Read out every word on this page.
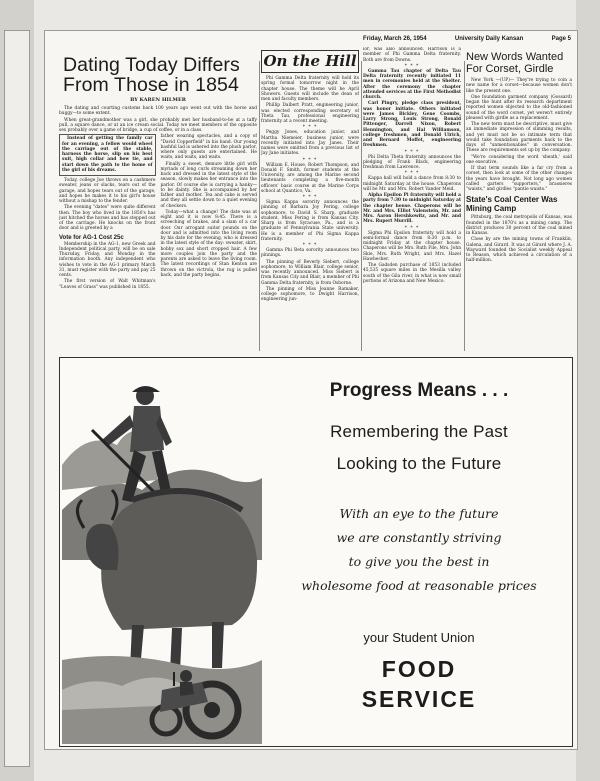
Friday, March 26, 1954	University Daily Kansan	Page 5
Dating Today Differs From Those in 1854
BY KAREN HILMER

The dating and courting customs back 100 years ago went out with the horse and buggy—to some extent.

When great-grandmother was a girl, she probably met her husband-to-be at a taffy pull, a square dance, or at an ice cream social. Today we meet members of the opposite sex probably over a game of bridge, a cup of coffee, or in a class.

Instead of getting the family car for an evening, a fellow would wheel the carriage out of the stable, harness the horse, slip on his best suit, high collar and bow tie, and start down the path to the home of the girl of his dreams.

Today, college Joe throws on a cashmere sweater, jeans or slacks, tears out of the garage, and hopes tears out of the garage, and hopes he makes it to his girl's house without a mishap to the fender.

The evening "dates" were quite different then. The boy who lived in the 1850's has just hitched the horses and has stepped out of the carriage. He knocks on the front door and is greeted by a

Vote for AG-1 Cost 25c

Membership in the AG-1, new Greek and Independent political party, will be on sale Thursday, Friday, and Monday in the information booth. Any independent who wishes to vote in the AG-1 primary March 31, must register with the party and pay 25 cents.

The first version of Walt Whitman's "Leaves of Grass" was published in 1855.

father wearing spectacles, and a copy of "David Copperfield" in his hand. Our young bashful lad is ushered into the plush parlor, where only guests are entertained. He waits, and waits, and waits.

Finally a sweet, demure little girl with myriads of long curls streaming down her back and dressed in the latest style of the season, slowly makes her entrance into the parlor. Of course she is carrying a hanky—to be dainty. She is accompanied by her father and mother. Tea and cake is served and they all settle down to a quiet evening of checkers.

Today—what a change! The date was at eight and it is now 8:45. There is a screeching of brakes, and a slam of a car door. Our arrogant suitor pounds on the door and is admitted into the living room by his date for the evening, who is dressed in the latest style of the day: sweater, skirt, bobby sox and short cropped hair. A few more couples join the party and the parents are asked to leave the living room. The latest recordings of Stan Kenton are thrown on the victrola, the rug is pulled back, and the party begins.

On the Hill

Phi Gamma Delta fraternity will hold its spring formal tomorrow night in the chapter house. The theme will be April Showers. Guests will include the dean of men and faculty members.

Phillip Dalbert Pratt, engineering junior, was elected corresponding secretary of Theta Tau, professional engineering fraternity at a recent meeting.

* * *

Peggy Jones, education junior, and Martha Niemeier, business junior, were recently initiated into Jay Janes. Their names were omitted from a previous list of Jay Jane initiates.

* * *

William E. House, Robert Thompson, and Donald F. Smith, former students at the University, are among the Marine second lieutenants completing a five-month officers' basic course at the Marine Corps school at Quantico, Va.

* * *

Sigma Kappa sorority announces the pinning of Barbara Joy Pering, college sophomore, to David S. Sharp, graduate student. Miss Pering is from Kansas City. Sharp is from Syracuse, Pa., and is a graduate of Pennsylvania State university. He is a member of Phi Sigma Kappa fraternity.

* * *

Gamma Phi Beta sorority announces two pinnings.

The pinning of Beverly Siebert, college sophomore, to William Blair, college senior, was recently announced. Miss Siebert is from Kansas City and Blair, a member of Phi Gamma Delta fraternity, is from Osborne.

The pinning of Miss Jeanne Ramaker, college sophomore, to Dwight Harrison, engineering jun-

ior, was also announced. Harrison is a member of Phi Gamma Delta fraternity. Both are from Downs.

* * *

Gamma Tau chapter of Delta Tau Delta fraternity recently initiated 11 men in ceremonies held at the Shelter. After the ceremony the chapter attended services at the First Methodist church.

Carl Pingry, pledge class president, was honor initiate. Others initiated were James Bickley, Gene Coombs, Larry Strong, Louis Strong, Ronald Pittenger, Darrell Nixon, Robert Hennington, and Hal Williamson, college freshmen, and Donald Ulrich, and Bernard Moffet, engineering freshmen.

* * *

Phi Delta Theta fraternity announces the pledging of Frank Black, engineering freshman from Lawrence.

* * *

Kappa hall will hold a dance from 8:30 to midnight Saturday at the house. Chaperons will be Mr. and Mrs. Robert Vander Meid.

Alpha Epsilon Pi fraternity will hold a party from 7:30 to midnight Saturday at the chapter house. Chaperons will be Mr. and Mrs. Elliot Valenstein, Mr. and Mrs. Aaron Hershkowitz, and Mr. and Mrs. Rupert Murrill.

* * *

Sigma Phi Epsilon fraternity will hold a semi-formal dance from 8:30 p.m. to midnight Friday at the chapter house. Chaperons will be Mrs. Ruth File, Mrs. John Skie, Mrs. Ruth Wright, and Mrs. Hazel Hawbecker.

The Gadsden purchase of 1853 included 45,535 square miles in the Mesilla valley south of the Gila river, in what is now small portions of Arizona and New Mexico.

New Words Wanted For Corset, Girdle

New York —(UP)— They're trying to coin a new name for a corset—because women don't like the present one.

One foundation garment company (Gossard) began the hunt after its research department reported women objected to the old-fashioned sound of the word corset, yet weren't entirely pleased with girdle as a replacement.

The new term must be descriptive, must give an immediate impression of slimming results, and yet must not be so intimate term that would take foundation garments back to the days of "unmentionables" in conversation. These are requirements set up by the company.

"We're considering the word 'sheath,' said one executive.

If that term sounds like a far cry from a corset, then look at some of the other changes the years have brought. Not long ago women called garters "supporters," brassieres "waists," and girdles "pantie waists."

State's Coal Center Was Mining Camp

Pittsburg, the coal metropolis of Kansas, was founded in the 1870's as a mining camp. The district produces 30 percent of the coal mined in Kansas.

Close by are the mining towns of Franklin, Galena, and Girard. It was at Girard where J. A. Wayward founded the Socialist weekly Appeal to Reason, which achieved a circulation of a half-million.

Progress Means . . .
Remembering the Past
Looking to the Future
With an eye to the future
we are constantly striving
to give you the best in
wholesome food at reasonable prices
your Student Union
FOOD
SERVICE
